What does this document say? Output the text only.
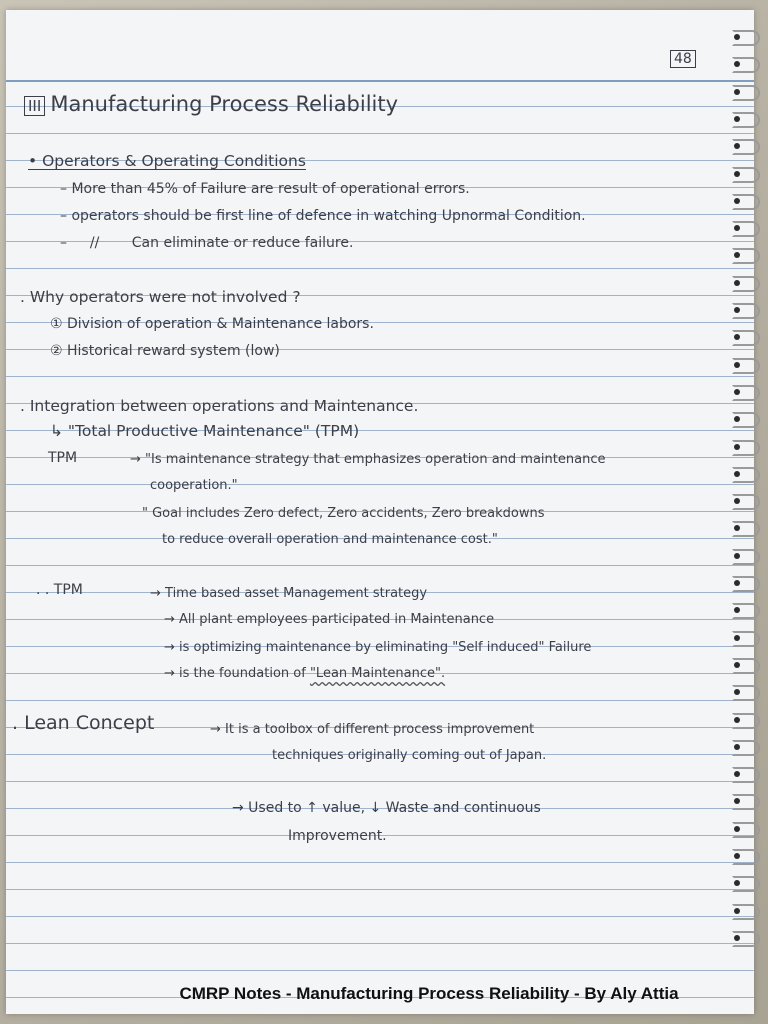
48
III Manufacturing Process Reliability
• Operators & Operating Conditions
– More than 45% of Failure are result of operational errors.
– operators should be first line of defence in watching Upnormal Condition.
–   //   Can eliminate or reduce failure.
. Why operators were not involved ?
① Division of operation & Maintenance labors.
② Historical reward system (low)
. Integration between operations and Maintenance.
↳ "Total Productive Maintenance" (TPM)
TPM	→ "Is maintenance strategy that emphasizes operation and maintenance
cooperation."
" Goal includes Zero defect, Zero accidents, Zero breakdowns
to reduce overall operation and maintenance cost."
. . TPM	→ Time based asset Management strategy
→ All plant employees participated in Maintenance
→ is optimizing maintenance by eliminating "Self induced" Failure
→ is the foundation of "Lean Maintenance".
. Lean Concept	→ It is a toolbox of different process improvement
techniques originally coming out of Japan.
→ Used to ↑ value, ↓ Waste and continuous
Improvement.
CMRP Notes - Manufacturing Process Reliability - By Aly Attia
